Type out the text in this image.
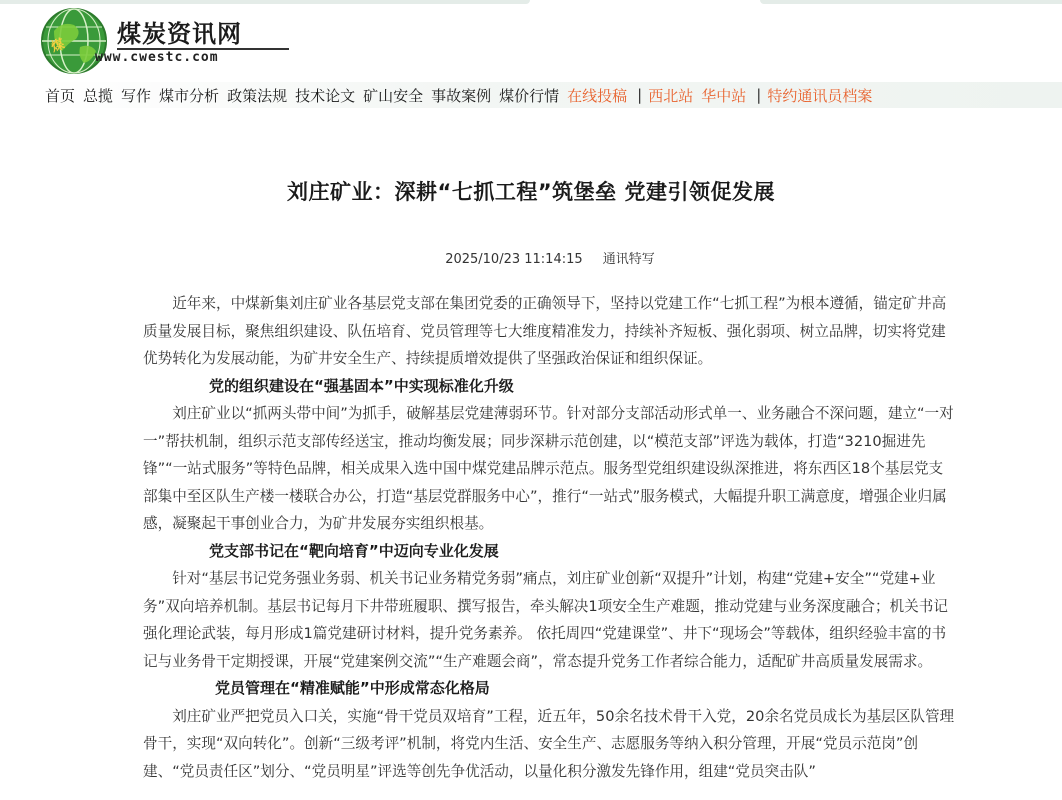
煤 煤炭资讯网
www.cwestc.com
首页 总揽 写作 煤市分析 政策法规 技术论文 矿山安全 事故案例 煤价行情 在线投稿 | 西北站 华中站 | 特约通讯员档案
刘庄矿业：深耕“七抓工程”筑堡垒 党建引领促发展
2025/10/23 11:14:15 通讯特写

近年来，中煤新集刘庄矿业各基层党支部在集团党委的正确领导下，坚持以党建工作“七抓工程”为根本遵循，锚定矿井高质量发展目标，聚焦组织建设、队伍培育、党员管理等七大维度精准发力，持续补齐短板、强化弱项、树立品牌，切实将党建优势转化为发展动能，为矿井安全生产、持续提质增效提供了坚强政治保证和组织保证。

党的组织建设在“强基固本”中实现标准化升级

刘庄矿业以“抓两头带中间”为抓手，破解基层党建薄弱环节。针对部分支部活动形式单一、业务融合不深问题，建立“一对一”帮扶机制，组织示范支部传经送宝，推动均衡发展；同步深耕示范创建，以“模范支部”评选为载体，打造“3210掘进先锋”“一站式服务”等特色品牌，相关成果入选中国中煤党建品牌示范点。服务型党组织建设纵深推进，将东西区18个基层党支部集中至区队生产楼一楼联合办公，打造“基层党群服务中心”，推行“一站式”服务模式，大幅提升职工满意度，增强企业归属感，凝聚起干事创业合力，为矿井发展夯实组织根基。

党支部书记在“靶向培育”中迈向专业化发展

针对“基层书记党务强业务弱、机关书记业务精党务弱”痛点，刘庄矿业创新“双提升”计划，构建“党建+安全”“党建+业务”双向培养机制。基层书记每月下井带班履职、撰写报告，牵头解决1项安全生产难题，推动党建与业务深度融合；机关书记强化理论武装，每月形成1篇党建研讨材料，提升党务素养。 依托周四“党建课堂”、井下“现场会”等载体，组织经验丰富的书记与业务骨干定期授课，开展“党建案例交流”“生产难题会商”，常态提升党务工作者综合能力，适配矿井高质量发展需求。

党员管理在“精准赋能”中形成常态化格局

刘庄矿业严把党员入口关，实施“骨干党员双培育”工程，近五年，50余名技术骨干入党，20余名党员成长为基层区队管理骨干，实现“双向转化”。创新“三级考评”机制，将党内生活、安全生产、志愿服务等纳入积分管理，开展“党员示范岗”创建、“党员责任区”划分、“党员明星”评选等创先争优活动，以量化积分激发先锋作用，组建“党员突击队”
